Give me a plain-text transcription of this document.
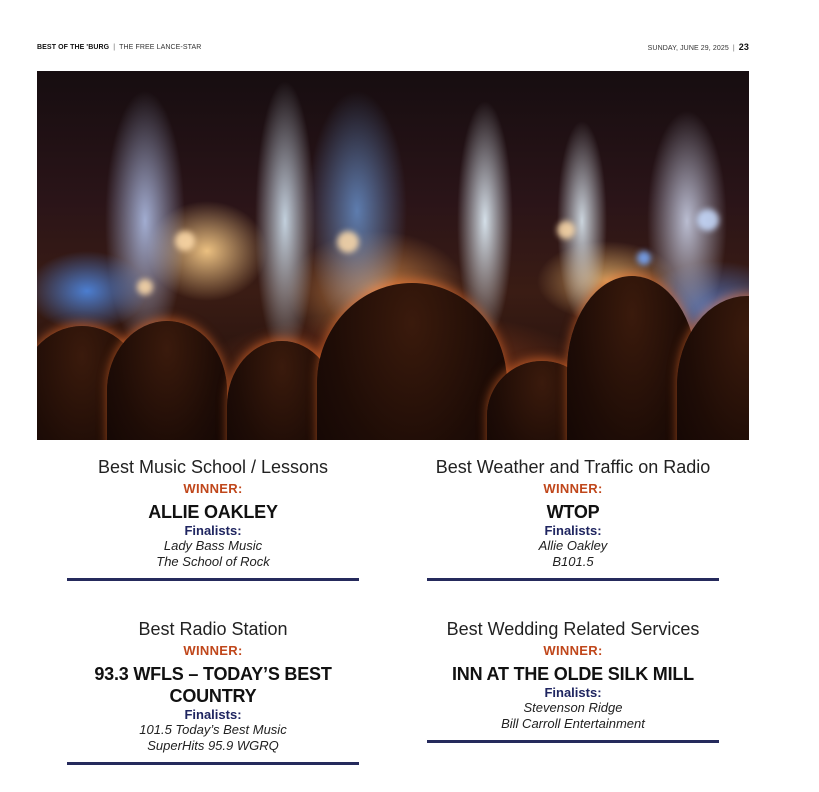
BEST OF THE 'BURG | THE FREE LANCE-STAR	SUNDAY, JUNE 29, 2025 | 23
Best Music School / Lessons
WINNER:
ALLIE OAKLEY
Finalists:
Lady Bass Music
The School of Rock
Best Weather and Traffic on Radio
WINNER:
WTOP
Finalists:
Allie Oakley
B101.5
Best Radio Station
WINNER:
93.3 WFLS – TODAY’S BEST COUNTRY
Finalists:
101.5 Today’s Best Music
SuperHits 95.9 WGRQ
Best Wedding Related Services
WINNER:
INN AT THE OLDE SILK MILL
Finalists:
Stevenson Ridge
Bill Carroll Entertainment
